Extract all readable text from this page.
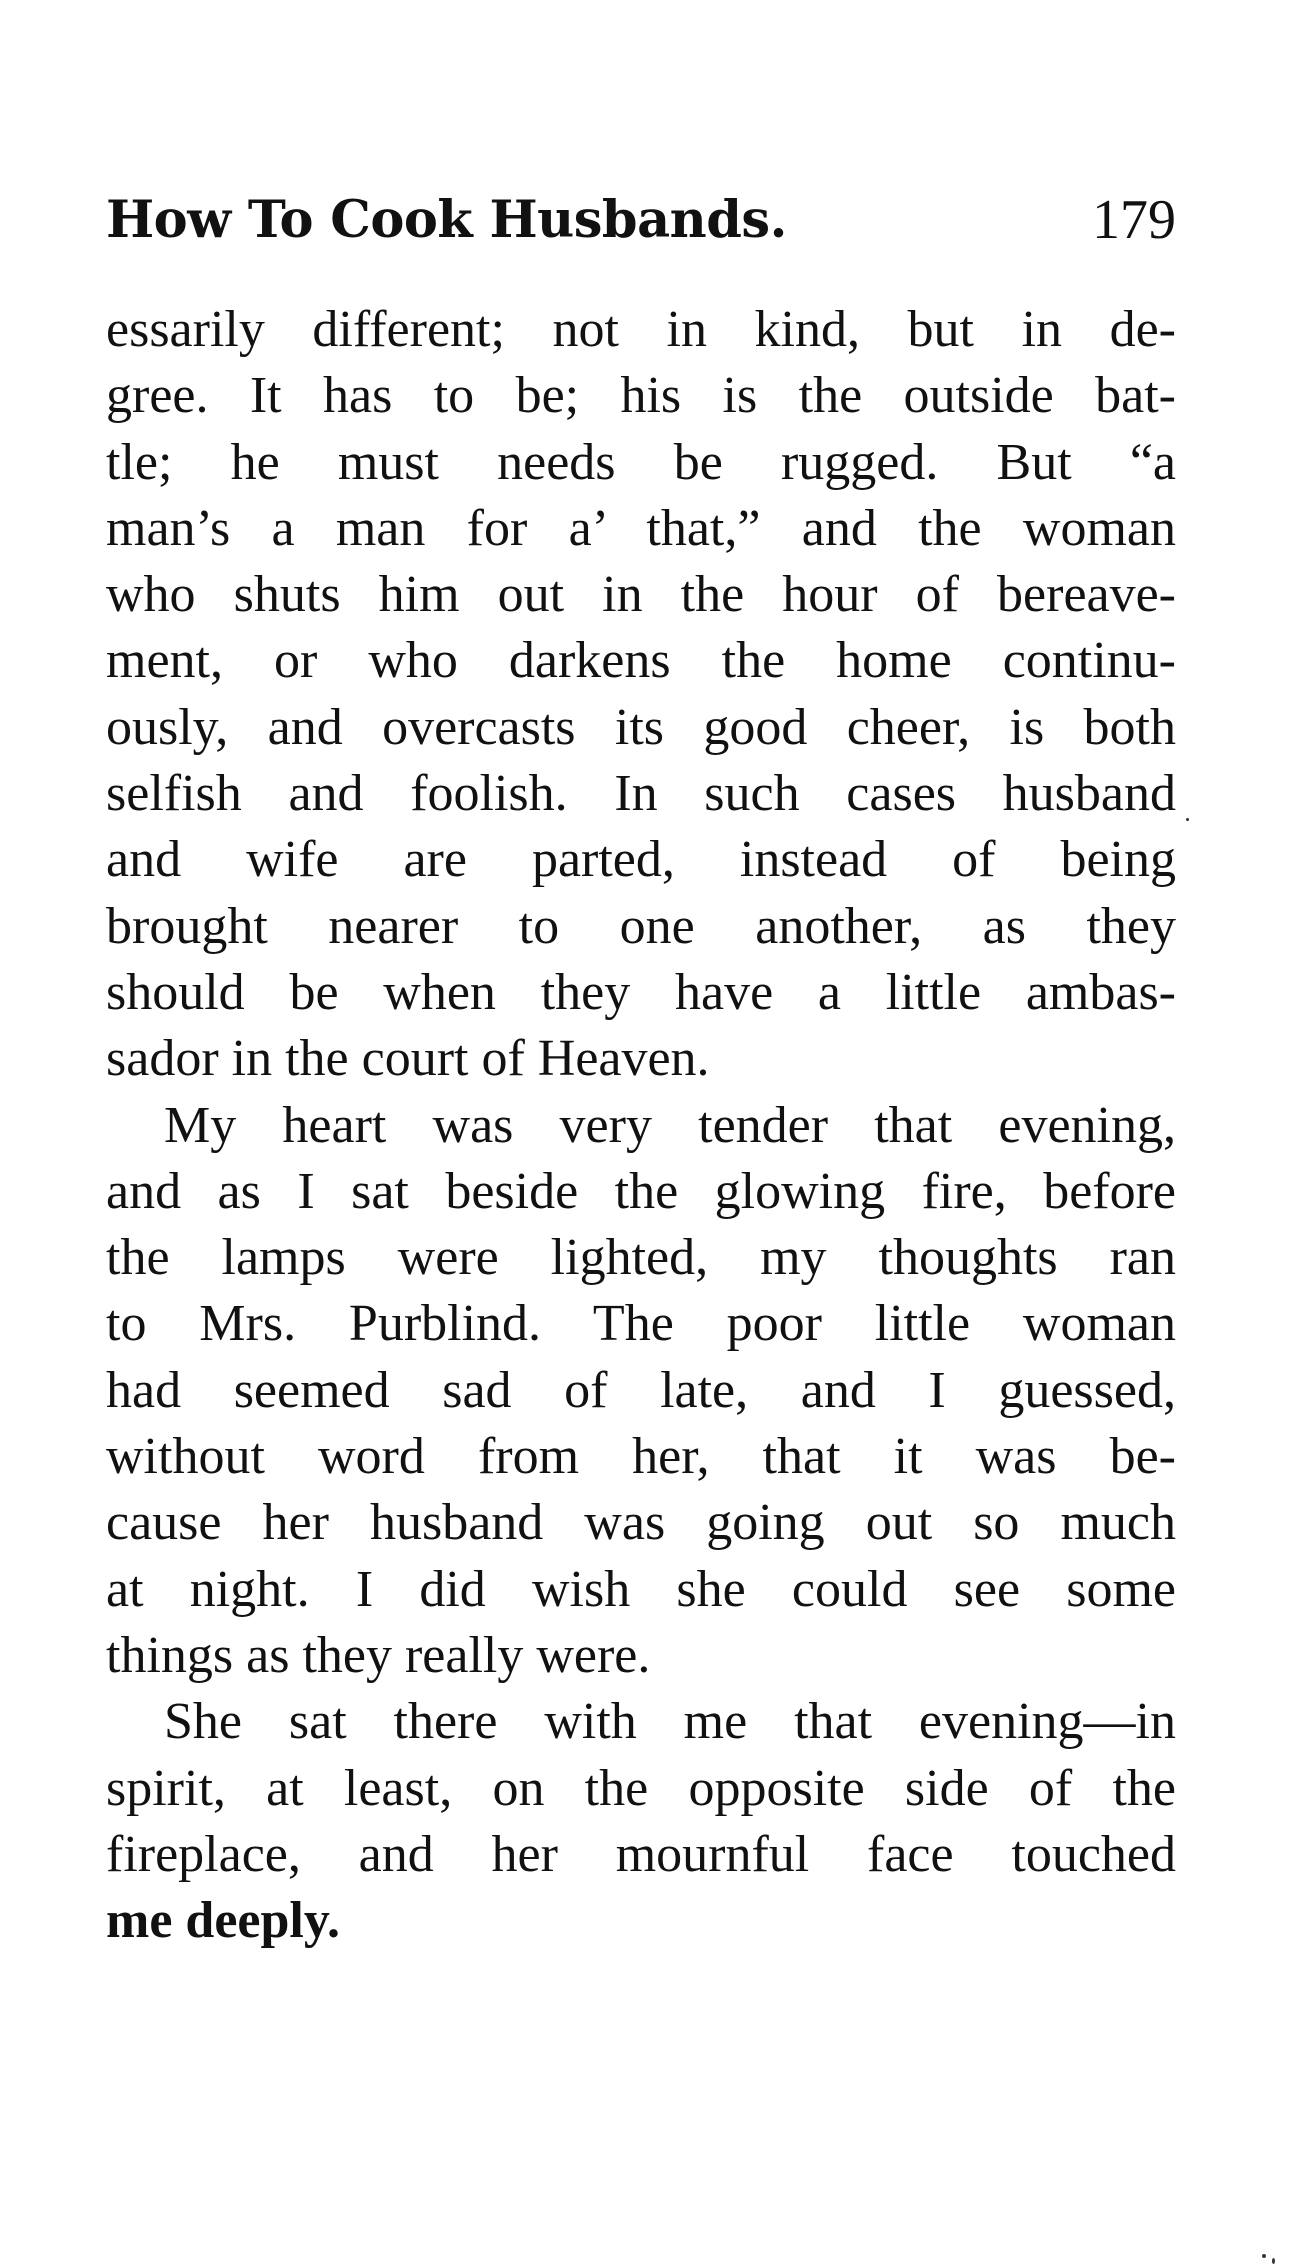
How To Cook Husbands.	179
essarily different; not in kind, but in de-
gree. It has to be; his is the outside bat-
tle; he must needs be rugged. But “a
man’s a man for a’ that,” and the woman
who shuts him out in the hour of bereave-
ment, or who darkens the home continu-
ously, and overcasts its good cheer, is both
selfish and foolish. In such cases husband
and wife are parted, instead of being
brought nearer to one another, as they
should be when they have a little ambas-
sador in the court of Heaven.
My heart was very tender that evening,
and as I sat beside the glowing fire, before
the lamps were lighted, my thoughts ran
to Mrs. Purblind. The poor little woman
had seemed sad of late, and I guessed,
without word from her, that it was be-
cause her husband was going out so much
at night. I did wish she could see some
things as they really were.
She sat there with me that evening—in
spirit, at least, on the opposite side of the
fireplace, and her mournful face touched
me deeply.
